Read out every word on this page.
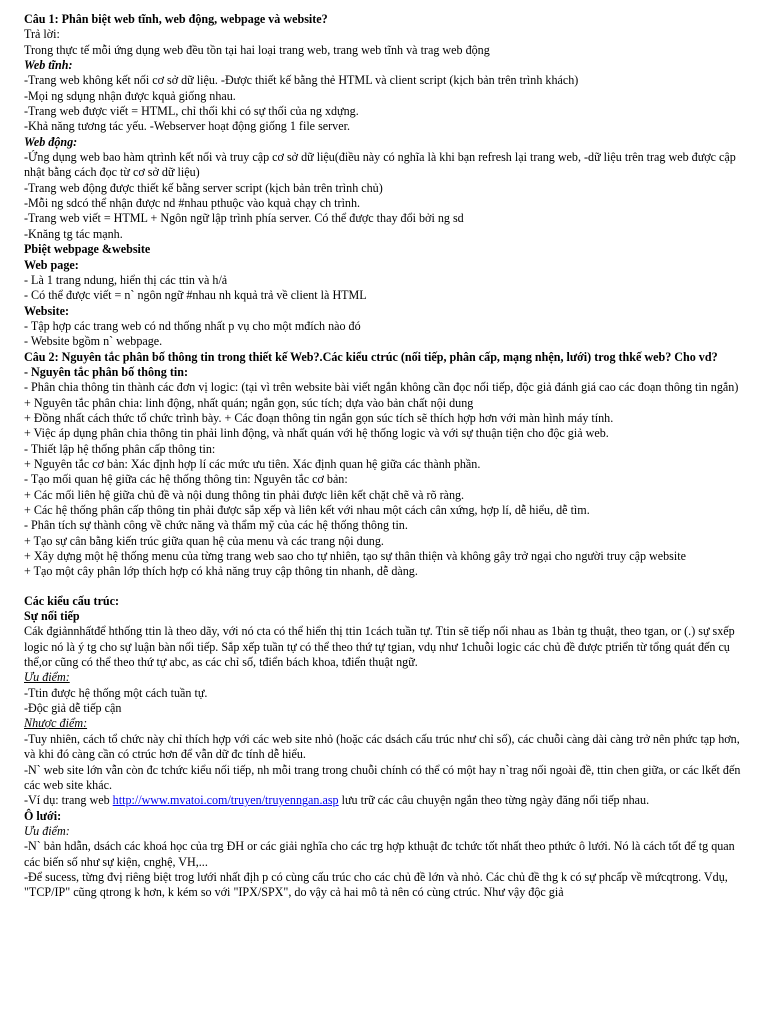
Câu 1: Phân biệt web tĩnh, web động, webpage và website?
Trả lời:
Trong thực tế mỗi ứng dụng web đều tồn tại hai loại trang web, trang web tĩnh và trag web động
Web tĩnh:
-Trang web không kết nối cơ sở dữ liệu. -Được thiết kế bằng thẻ HTML và client script (kịch bản trên trình khách)
-Mọi ng sdụng nhận được kquả giống nhau.
-Trang web được viết = HTML, chỉ thối khi có sự thối của ng xdựng.
-Khả năng tương tác yếu. -Webserver hoạt động giống 1 file server.
Web động:
-Ứng dụng web bao hàm qtrình kết nối và truy cập cơ sở dữ liệu(điều này có nghĩa là khi bạn refresh lại trang web, -dữ liệu trên trag web được cập nhật bằng cách đọc từ cơ sở dữ liệu)
-Trang web động được thiết kế bằng server script (kịch bản trên trình chủ)
-Mỗi ng sdcó thể nhận được nd #nhau pthuộc vào kquả chạy ch trình.
-Trang web viết = HTML + Ngôn ngữ lập trình phía server. Có thể được thay đổi bởi ng sd
-Knăng tg tác mạnh.
Pbiệt webpage &website
Web page:
- Là 1 trang ndung, hiển thị các ttin và h/ả
- Có thể được viết = n` ngôn ngữ #nhau nh kquả trả về client là HTML
Website:
- Tập hợp các trang web có nd thống nhất p vụ cho một mđích nào đó
- Website bgồm n` webpage.
Câu 2: Nguyên tắc phân bố thông tin trong thiết kế Web?.Các kiểu ctrúc (nối tiếp, phân cấp, mạng nhện, lưới) trog thkế web? Cho vd?
- Nguyên tắc phân bố thông tin:
- Phân chia thông tin thành các đơn vị logic: (tại vì trên website bài viết ngắn không cần đọc nối tiếp, độc giả đánh giá cao các đoạn thông tin ngắn)
+ Nguyên tắc phân chia: linh động, nhất quán; ngắn gọn, súc tích; dựa vào bản chất nội dung
+ Đồng nhất cách thức tổ chức trình bày. + Các đoạn thông tin ngắn gọn súc tích sẽ thích hợp hơn với màn hình máy tính.
+ Việc áp dụng phân chia thông tin phải linh động, và nhất quán với hệ thống logic và với sự thuận tiện cho độc giả web.
- Thiết lập hệ thống phân cấp thông tin:
+ Nguyên tắc cơ bản: Xác định hợp lí các mức ưu tiên. Xác định quan hệ giữa các thành phần.
- Tạo mối quan hệ giữa các hệ thống thông tin: Nguyên tắc cơ bản:
+ Các mối liên hệ giữa chủ đề và nội dung thông tin phải được liên kết chặt chẽ và rõ ràng.
+ Các hệ thống phân cấp thông tin phải được sắp xếp và liên kết với nhau một cách cân xứng, hợp lí, dễ hiểu, dễ tìm.
- Phân tích sự thành công về chức năng và thẩm mỹ của các hệ thống thông tin.
+ Tạo sự cân bằng kiến trúc giữa quan hệ của menu và các trang nội dung.
+ Xây dựng một hệ thống menu của từng trang web sao cho tự nhiên, tạo sự thân thiện và không gây trở ngại cho người truy cập website
+ Tạo một cây phân lớp thích hợp có khả năng truy cập thông tin nhanh, dễ dàng.
Các kiểu cấu trúc:
Sự nối tiếp
Cák đgiảnnhấtđể hthống ttin là theo dãy, với nó ctа có thể hiển thị ttin 1cách tuần tự. Ttin sẽ tiếp nối nhau as 1bản tg thuật, theo tgan, or (.) sự sxếp logic nó là ý tg cho sự luận bàn nối tiếp. Sắp xếp tuần tự có thể theo thứ tự tgian, vdụ như 1chuỗi logic các chủ đề được ptriển từ tổng quát đến cụ thể,or cũng có thể theo thứ tự abc, as các chỉ số, tđiển bách khoa, tđiển thuật ngữ.
Ưu điểm:
-Ttin được hệ thống một cách tuần tự.
-Độc giả dễ tiếp cận
Nhược điểm:
-Tuy nhiên, cách tổ chức này chỉ thích hợp với các web site nhỏ (hoặc các dsách cấu trúc như chỉ số), các chuỗi càng dài càng trở nên phức tạp hơn, và khi đó càng cần có ctrúc hơn để vẫn dữ đc tính dễ hiểu.
-N` web site lớn vẫn còn đc tchức kiểu nối tiếp, nh mỗi trang trong chuỗi chính có thể có một hay n`trag nối ngoài đề, ttin chen giữa, or các lkết đến các web site khác.
-Ví dụ: trang web http://www.mvatoi.com/truyen/truyenngan.asp lưu trữ các câu chuyện ngắn theo từng ngày đăng nối tiếp nhau.
Ô lưới:
Ưu điểm:
-N` bản hdẫn, dsách các khoá học của trg ĐH or các giải nghĩa cho các trg hợp kthuật đc tchức tốt nhất theo pthức ô lưới. Nó là cách tốt để tg quan các biến số như sự kiện, cnghệ, VH,...
-Để sucess, từng đvị riêng biệt trog lưới nhất địh p có cùng cấu trúc cho các chủ đề lớn và nhỏ. Các chủ đề thg k có sự phcấp về mứcqtrong. Vdụ, "TCP/IP" cũng qtrong k hơn, k kém so với "IPX/SPX", do vậy cả hai mô tả nên có cùng ctrúc. Như vậy độc giả
